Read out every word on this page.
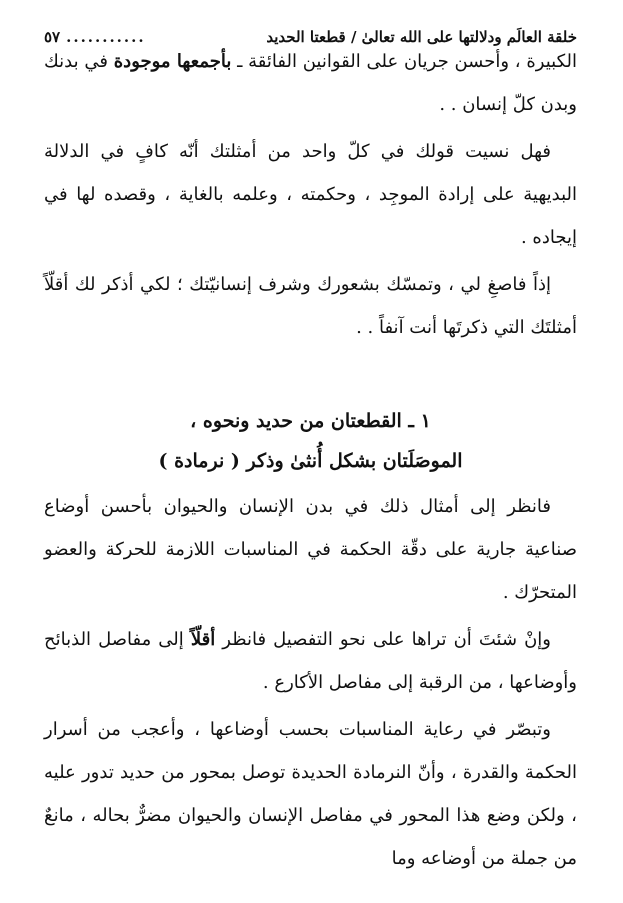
خلقة العالَم ودلالتها على الله تعالىٰ / قطعتا الحديد
...........
٥٧

الكبيرة ، وأحسن جريان على القوانين الفائقة ـ بأجمعها موجودة في بدنك وبدن كلّ إنسان . .

فهل نسيت قولك في كلّ واحد من أمثلتك أنّه كافٍ في الدلالة البديهية على إرادة الموجِد ، وحكمته ، وعلمه بالغاية ، وقصده لها في إيجاده .

إذاً فاصغِ لي ، وتمسّك بشعورك وشرف إنسانيّتك ؛ لكي أذكر لك أقلّاً أمثلتَك التي ذكرتَها أنت آنفاً . .

١ ـ القطعتان من حديد ونحوه ،
الموصَلَتان بشكل أُنثىٰ وذكر ( نرمادة )

فانظر إلى أمثال ذلك في بدن الإنسان والحيوان بأحسن أوضاع صناعية جارية على دقّة الحكمة في المناسبات اللازمة للحركة والعضو المتحرّك .

وإنْ شئتَ أن تراها على نحو التفصيل فانظر أقلّاً إلى مفاصل الذبائح وأوضاعها ، من الرقبة إلى مفاصل الأكارع .

وتبصّر في رعاية المناسبات بحسب أوضاعها ، وأعجب من أسرار الحكمة والقدرة ، وأنّ النرمادة الحديدة توصل بمحور من حديد تدور عليه ، ولكن وضع هذا المحور في مفاصل الإنسان والحيوان مضرٌّ بحاله ، مانعٌ من جملة من أوضاعه وما
